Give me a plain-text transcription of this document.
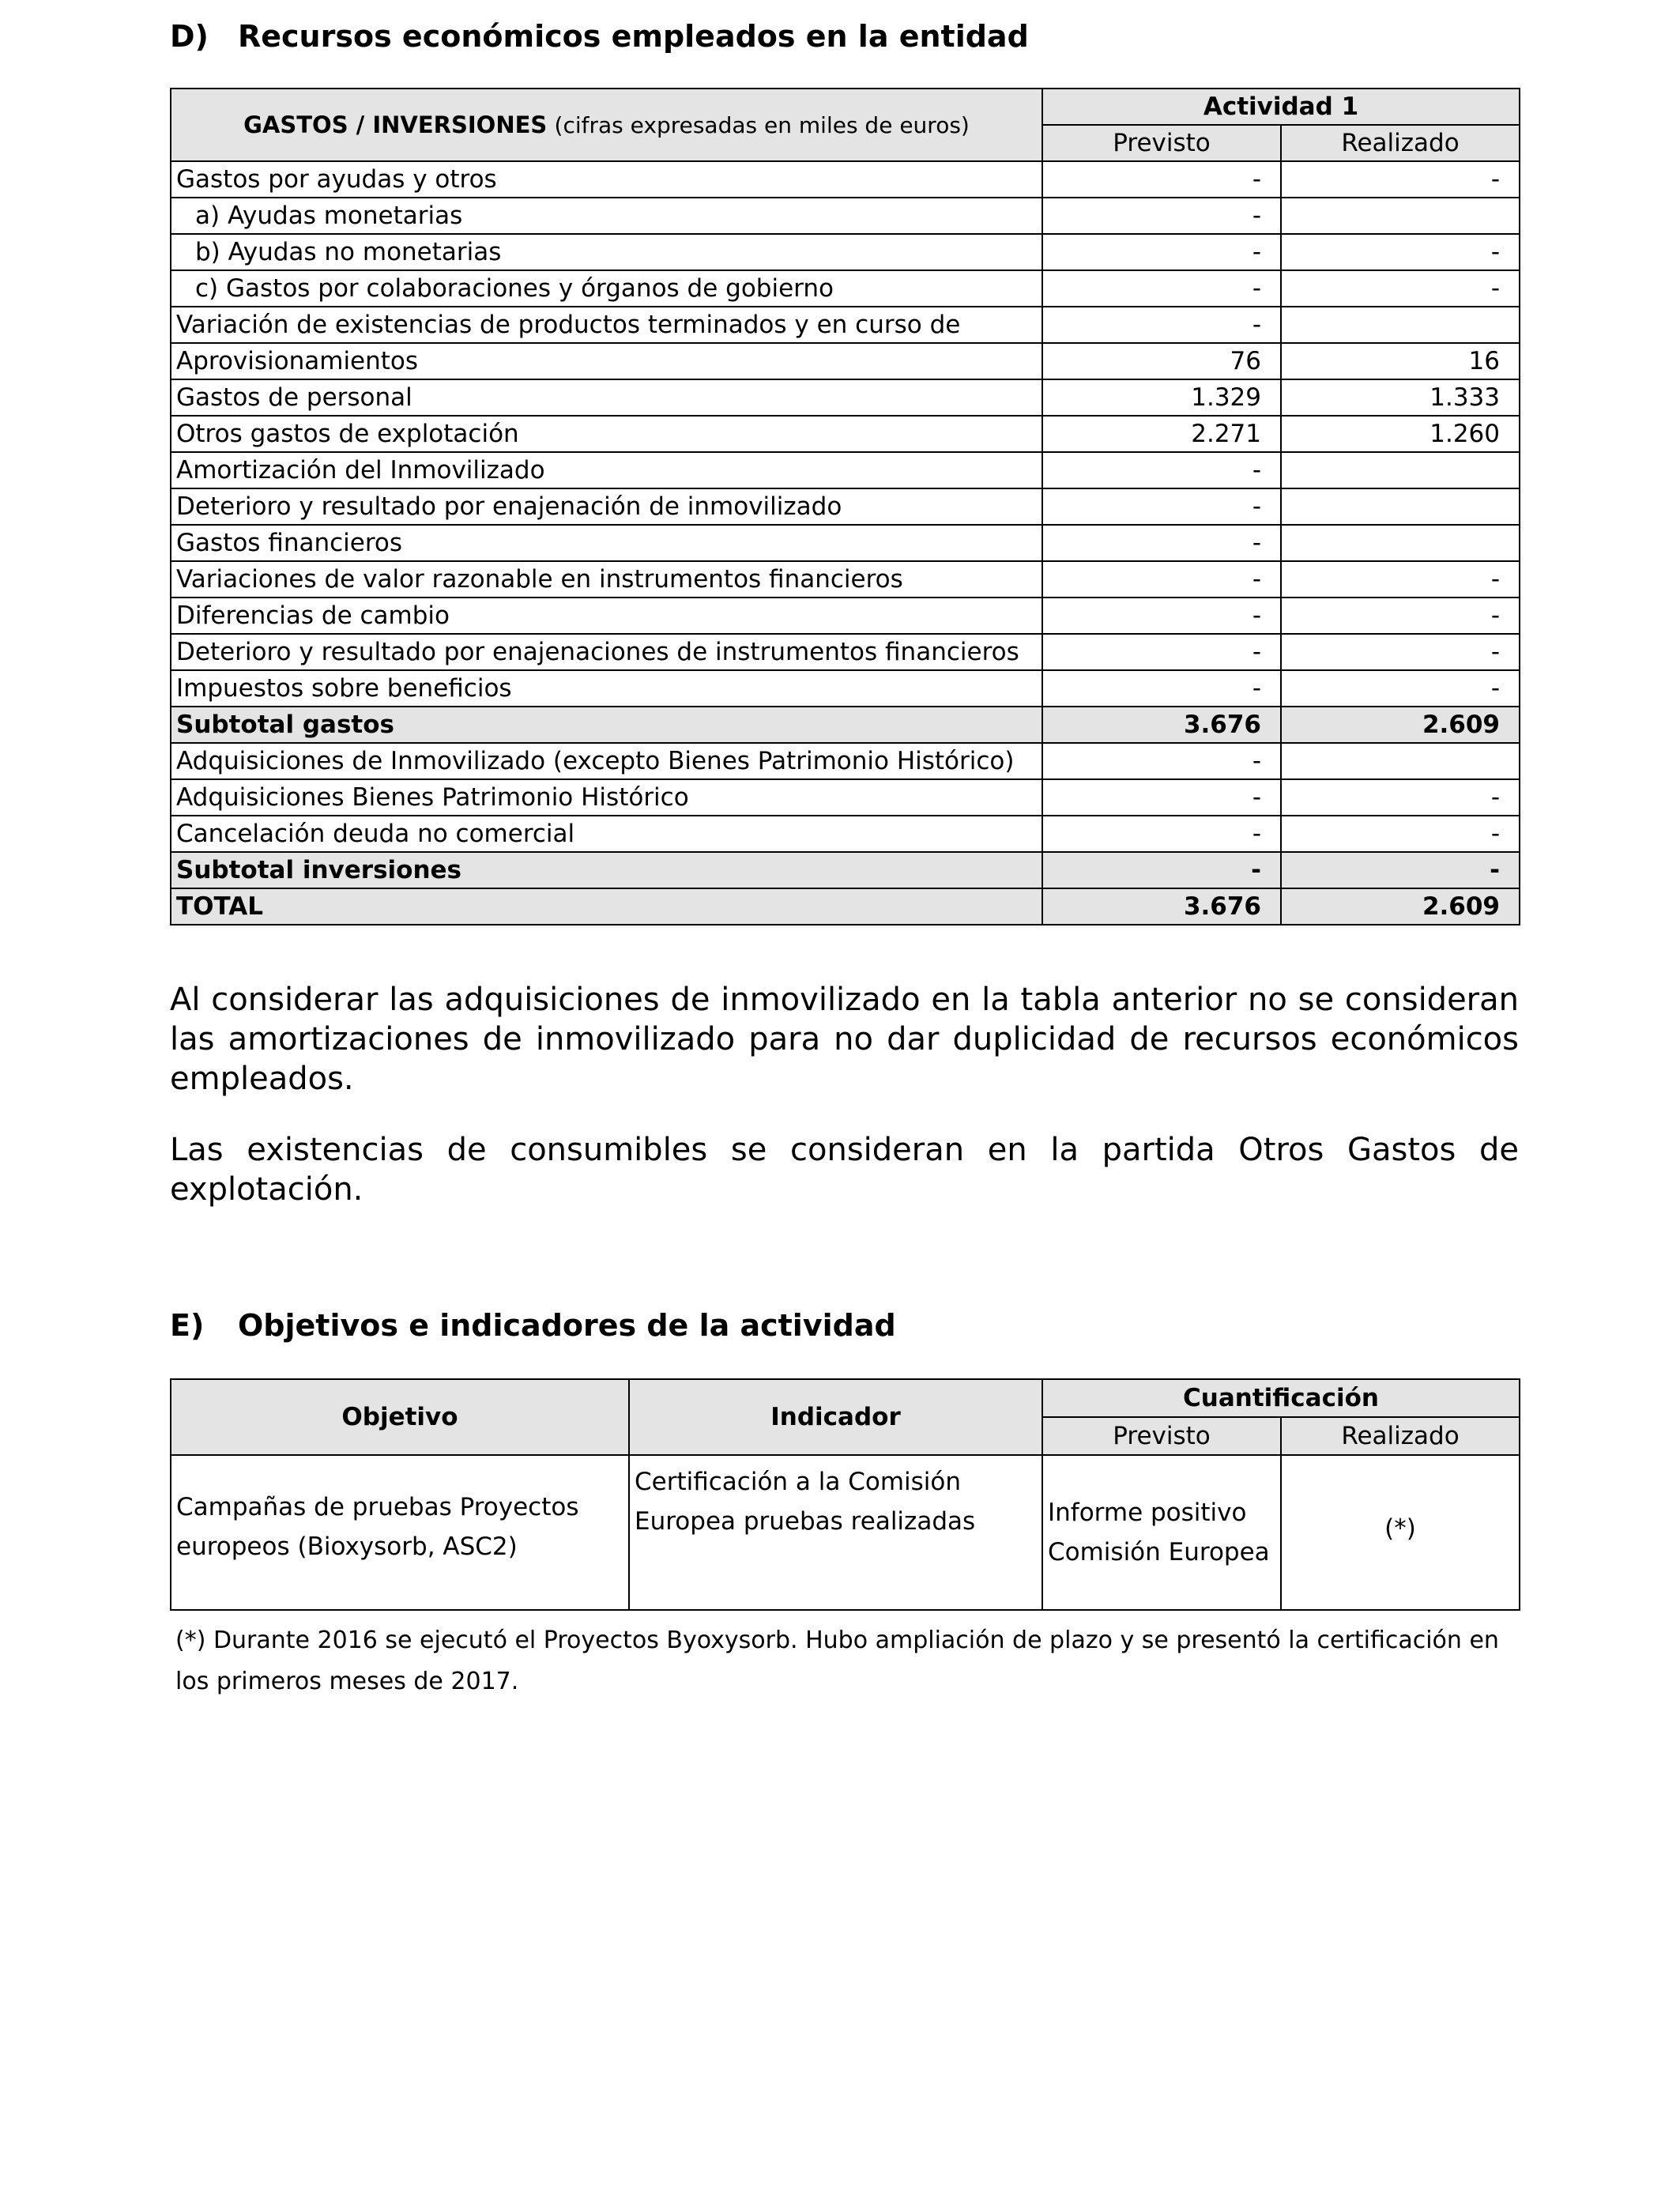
D) Recursos económicos empleados en la entidad
GASTOS / INVERSIONES (cifras expresadas en miles de euros)	Actividad 1	
	Previsto	Realizado
Gastos por ayudas y otros	-	-
a) Ayudas monetarias	-	
b) Ayudas no monetarias	-	-
c) Gastos por colaboraciones y órganos de gobierno	-	-
Variación de existencias de productos terminados y en curso de	-	
Aprovisionamientos	76	16
Gastos de personal	1.329	1.333
Otros gastos de explotación	2.271	1.260
Amortización del Inmovilizado	-	
Deterioro y resultado por enajenación de inmovilizado	-	
Gastos financieros	-	
Variaciones de valor razonable en instrumentos financieros	-	-
Diferencias de cambio	-	-
Deterioro y resultado por enajenaciones de instrumentos financieros	-	-
Impuestos sobre beneficios	-	-
Subtotal gastos	3.676	2.609
Adquisiciones de Inmovilizado (excepto Bienes Patrimonio Histórico)	-	
Adquisiciones Bienes Patrimonio Histórico	-	-
Cancelación deuda no comercial	-	-
Subtotal inversiones	-	-
TOTAL	3.676	2.609

Al considerar las adquisiciones de inmovilizado en la tabla anterior no se consideran las amortizaciones de inmovilizado para no dar duplicidad de recursos económicos empleados.

Las existencias de consumibles se consideran en la partida Otros Gastos de explotación.

E) Objetivos e indicadores de la actividad
Objetivo	Indicador	Cuantificación	
		Previsto	Realizado
Campañas de pruebas Proyectos europeos (Bioxysorb, ASC2)	Certificación a la Comisión Europea pruebas realizadas	Informe positivo Comisión Europea	(*)

(*) Durante 2016 se ejecutó el Proyectos Byoxysorb. Hubo ampliación de plazo y se presentó la certificación en los primeros meses de 2017.
